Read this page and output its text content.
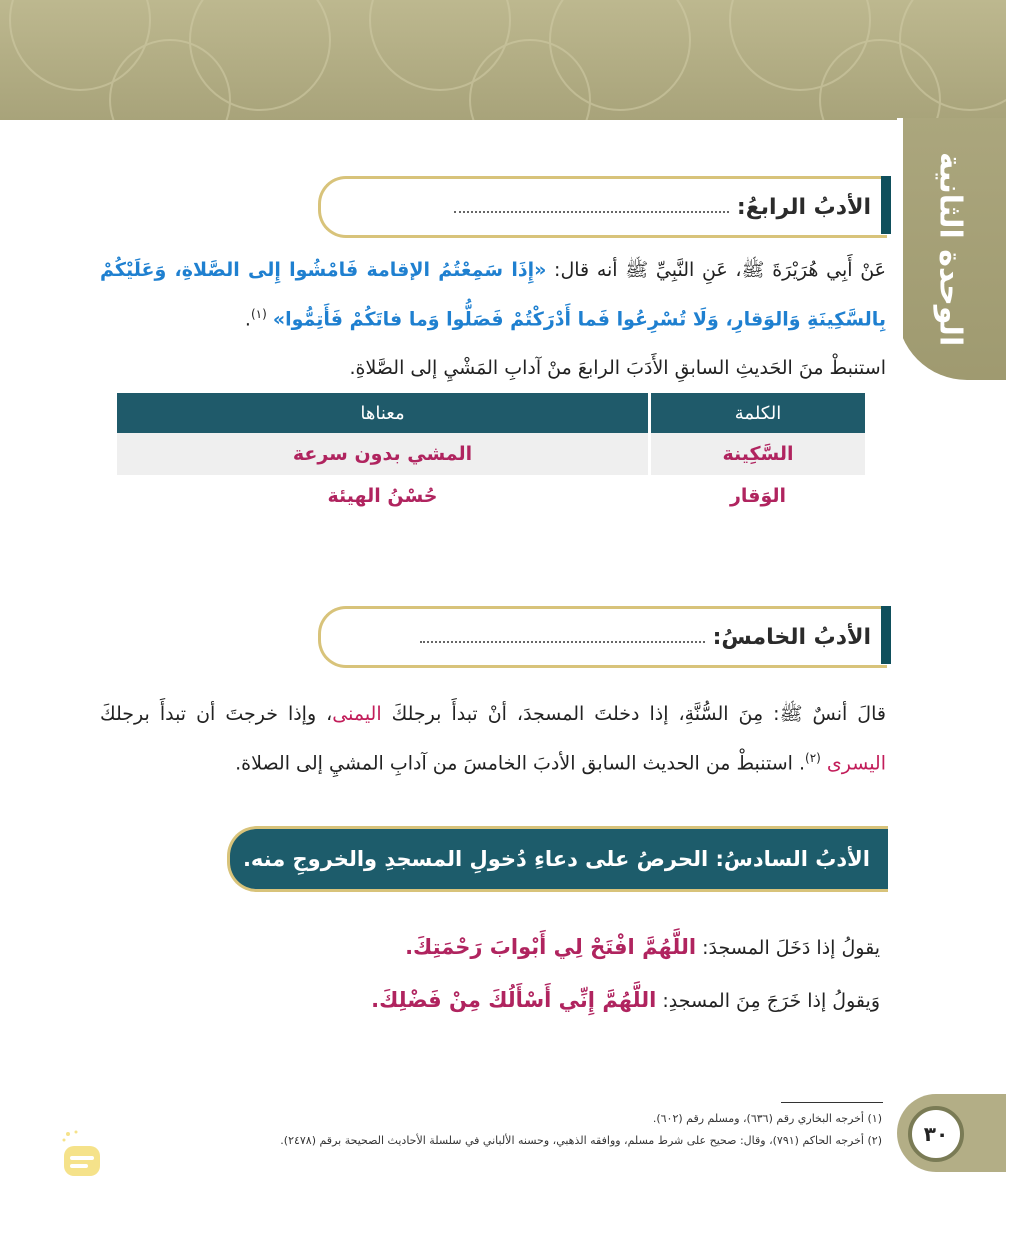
الوحدة الثانية
الأدبُ الرابعُ:
عَنْ أَبِي هُرَيْرَةَ ﷺ، عَنِ النَّبِيِّ ﷺ أنه قال: «إِذَا سَمِعْتُمُ الإقامة فَامْشُوا إِلى الصَّلاةِ، وَعَلَيْكُمْ بِالسَّكِينَةِ وَالوَقارِ، وَلَا تُسْرِعُوا فَما أَدْرَكْتُمْ فَصَلُّوا وَما فاتَكُمْ فَأَتِمُّوا» $^{(١)}$.
استنبطْ منَ الحَديثِ السابقِ الأَدَبَ الرابعَ منْ آدابِ المَشْيِ إلى الصَّلاةِ.
الكلمة	معناها
السَّكِينة	المشي بدون سرعة
الوَقار	حُسْنُ الهيئة
الأدبُ الخامسُ:
قالَ أنسٌ ﷺ: مِنَ السُّنَّةِ، إذا دخلتَ المسجدَ، أنْ تبدأَ برجلكَ اليمنى، وإذا خرجتَ أن تبدأَ برجلكَ اليسرى $^{(٢)}$. استنبطْ من الحديث السابق الأدبَ الخامسَ من آدابِ المشيِ إلى الصلاة.
الأدبُ السادسُ: الحرصُ على دعاءِ دُخولِ المسجدِ والخروجِ منه.
يقولُ إذا دَخَلَ المسجدَ: اللَّهُمَّ افْتَحْ لِي أَبْوابَ رَحْمَتِكَ.
وَيقولُ إذا خَرَجَ مِنَ المسجدِ: اللَّهُمَّ إِنِّي أَسْأَلُكَ مِنْ فَضْلِكَ.
(١) أخرجه البخاري رقم (٦٣٦)، ومسلم رقم (٦٠٢).
(٢) أخرجه الحاكم (٧٩١)، وقال: صحيح على شرط مسلم، ووافقه الذهبي، وحسنه الألباني في سلسلة الأحاديث الصحيحة برقم (٢٤٧٨).	٣٠
